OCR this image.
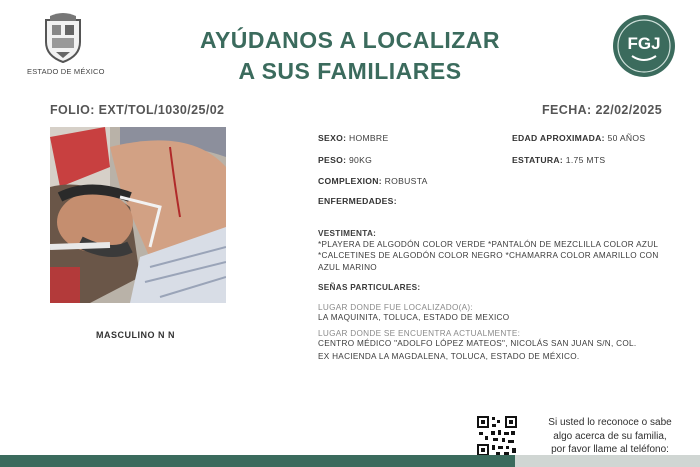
ESTADO DE MÉXICO
AYÚDANOS A LOCALIZAR
A SUS FAMILIARES
FGJ
FOLIO: EXT/TOL/1030/25/02	FECHA: 22/02/2025
MASCULINO N N
SEXO: HOMBRE	EDAD APROXIMADA: 50 AÑOS
PESO: 90KG	ESTATURA: 1.75 MTS
COMPLEXION: ROBUSTA
ENFERMEDADES:
VESTIMENTA:
*PLAYERA DE ALGODÓN COLOR VERDE *PANTALÓN DE MEZCLILLA COLOR AZUL
*CALCETINES DE ALGODÓN COLOR NEGRO *CHAMARRA COLOR AMARILLO CON
AZUL MARINO
SEÑAS PARTICULARES:
LUGAR DONDE FUE LOCALIZADO(A):
LA MAQUINITA, TOLUCA, ESTADO DE MEXICO
LUGAR DONDE SE ENCUENTRA ACTUALMENTE:
CENTRO MÉDICO "ADOLFO LÓPEZ MATEOS", NICOLÁS SAN JUAN S/N, COL.
EX HACIENDA LA MAGDALENA, TOLUCA, ESTADO DE MÉXICO.
Si usted lo reconoce o sabe
algo acerca de su familia,
por favor llame al teléfono:
